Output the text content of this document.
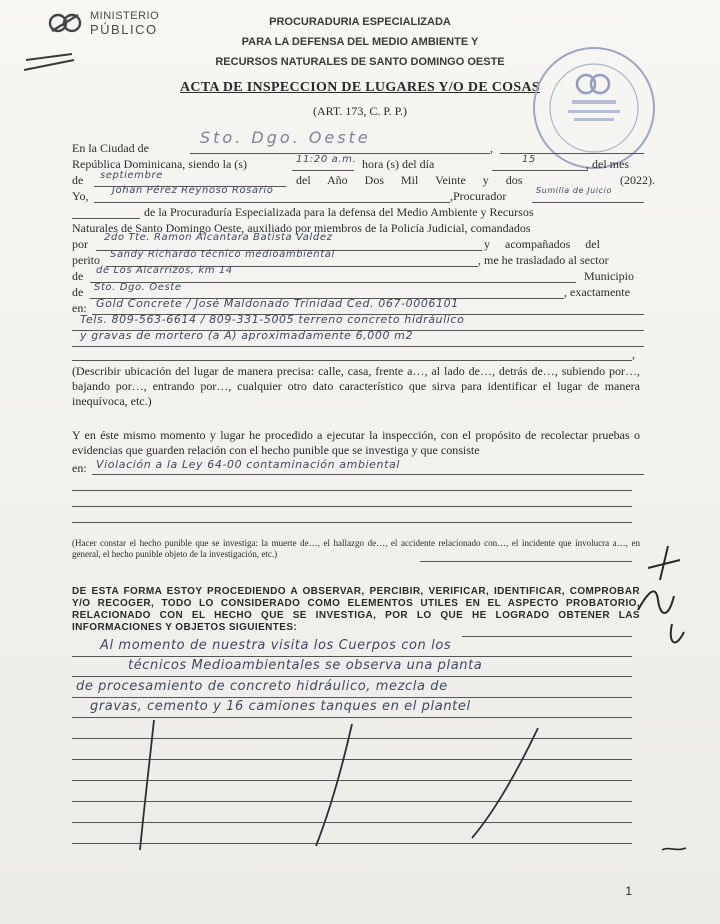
MINISTERIO
PÚBLICO	PROCURADURIA ESPECIALIZADA
PARA LA DEFENSA DEL MEDIO AMBIENTE Y
RECURSOS NATURALES DE SANTO DOMINGO OESTE
ACTA DE INSPECCION DE LUGARES Y/O DE COSAS
(ART. 173, C. P. P.)
En la Ciudad de	,
Sto. Dgo. Oeste
República Dominicana, siendo la (s)	11:20 a.m. hora (s) del día	15	, del mes
de septiembre	del Año Dos Mil Veinte y dos	(2022).
Yo, Johan Pérez Reynoso Rosario	,Procurador	Sumilla de Juicio
de la Procuraduría Especializada para la defensa del Medio Ambiente y Recursos
Naturales de Santo Domingo Oeste, auxiliado por miembros de la Policía Judicial, comandados
por 2do Tte. Ramon Alcantara Batista Valdez	y acompañados del
perito Sandy Richardo técnico medioambiental	, me he trasladado al sector
de de Los Alcarrizos, km 14	Municipio
de Sto. Dgo. Oeste	, exactamente
en: Gold Concrete / José Maldonado Trinidad Ced. 067-0006101
Tels. 809-563-6614 / 809-331-5005 terreno concreto hidráulico
y gravas de mortero (a A) aproximadamente 6,000 m2
,
(Describir ubicación del lugar de manera precisa: calle, casa, frente a…, al lado de…, detrás de…, subiendo por…, bajando por…, entrando por…, cualquier otro dato característico que sirva para identificar el lugar de manera inequívoca, etc.)
Y en éste mismo momento y lugar he procedido a ejecutar la inspección, con el propósito de recolectar pruebas o evidencias que guarden relación con el hecho punible que se investiga y que consiste
en: Violación a la Ley 64-00 contaminación ambiental
(Hacer constar el hecho punible que se investiga: la muerte de…, el hallazgo de…, el accidente relacionado con…, el incidente que involucra a…, en general, el hecho punible objeto de la investigación, etc.)
DE ESTA FORMA ESTOY PROCEDIENDO A OBSERVAR, PERCIBIR, VERIFICAR, IDENTIFICAR, COMPROBAR Y/O RECOGER, TODO LO CONSIDERADO COMO ELEMENTOS UTILES EN EL ASPECTO PROBATORIO, RELACIONADO CON EL HECHO QUE SE INVESTIGA, POR LO QUE HE LOGRADO OBTENER LAS INFORMACIONES Y OBJETOS SIGUIENTES:
Al momento de nuestra visita los Cuerpos con los
técnicos Medioambientales se observa una planta
de procesamiento de concreto hidráulico, mezcla de
gravas, cemento y 16 camiones tanques en el plantel
1
